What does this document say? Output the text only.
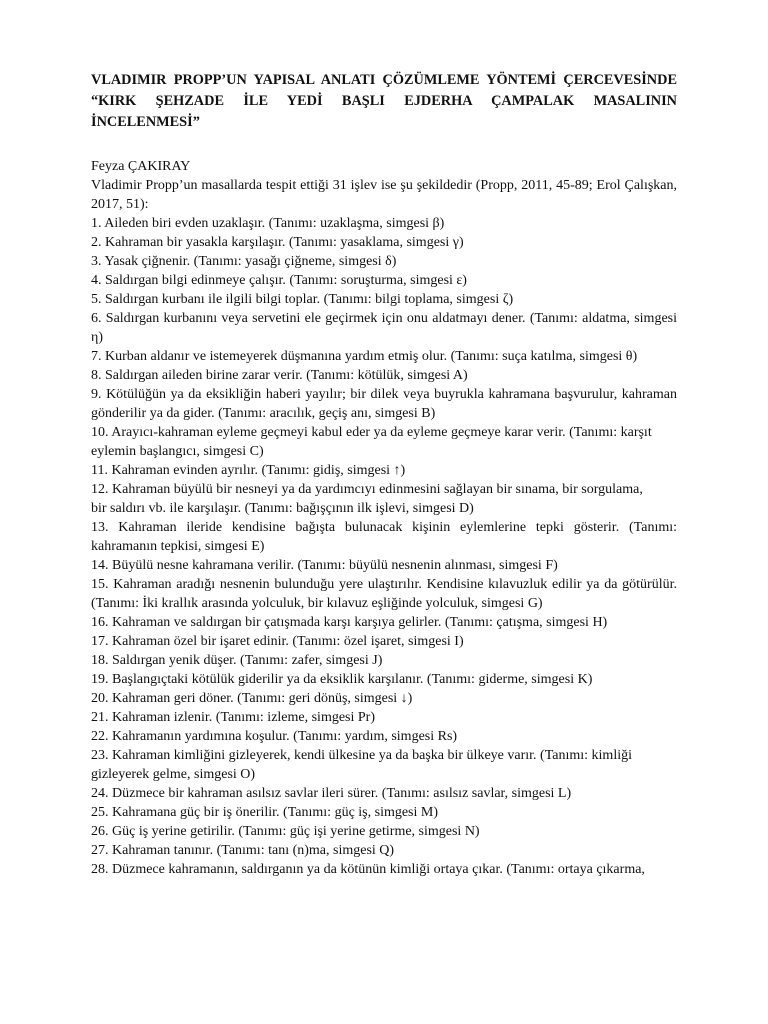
VLADIMIR PROPP’UN YAPISAL ANLATI ÇÖZÜMLEME YÖNTEMİ ÇERCEVESİNDE “KIRK ŞEHZADE İLE YEDİ BAŞLI EJDERHA ÇAMPALAK MASALININ İNCELENMESİ”

Feyza ÇAKIRAY

Vladimir Propp’un masallarda tespit ettiği 31 işlev ise şu şekildedir (Propp, 2011, 45-89; Erol Çalışkan, 2017, 51):

1. Aileden biri evden uzaklaşır. (Tanımı: uzaklaşma, simgesi β)

2. Kahraman bir yasakla karşılaşır. (Tanımı: yasaklama, simgesi γ)

3. Yasak çiğnenir. (Tanımı: yasağı çiğneme, simgesi δ)

4. Saldırgan bilgi edinmeye çalışır. (Tanımı: soruşturma, simgesi ε)

5. Saldırgan kurbanı ile ilgili bilgi toplar. (Tanımı: bilgi toplama, simgesi ζ)

6. Saldırgan kurbanını veya servetini ele geçirmek için onu aldatmayı dener. (Tanımı: aldatma, simgesi η)

7. Kurban aldanır ve istemeyerek düşmanına yardım etmiş olur. (Tanımı: suça katılma, simgesi θ)

8. Saldırgan aileden birine zarar verir. (Tanımı: kötülük, simgesi A)

9. Kötülüğün ya da eksikliğin haberi yayılır; bir dilek veya buyrukla kahramana başvurulur, kahraman gönderilir ya da gider. (Tanımı: aracılık, geçiş anı, simgesi B)

10. Arayıcı-kahraman eyleme geçmeyi kabul eder ya da eyleme geçmeye karar verir. (Tanımı: karşıt
eylemin başlangıcı, simgesi C)

11. Kahraman evinden ayrılır. (Tanımı: gidiş, simgesi ↑)

12. Kahraman büyülü bir nesneyi ya da yardımcıyı edinmesini sağlayan bir sınama, bir sorgulama,
bir saldırı vb. ile karşılaşır. (Tanımı: bağışçının ilk işlevi, simgesi D)

13. Kahraman ileride kendisine bağışta bulunacak kişinin eylemlerine tepki gösterir. (Tanımı: kahramanın tepkisi, simgesi E)

14. Büyülü nesne kahramana verilir. (Tanımı: büyülü nesnenin alınması, simgesi F)

15. Kahraman aradığı nesnenin bulunduğu yere ulaştırılır. Kendisine kılavuzluk edilir ya da götürülür. (Tanımı: İki krallık arasında yolculuk, bir kılavuz eşliğinde yolculuk, simgesi G)

16. Kahraman ve saldırgan bir çatışmada karşı karşıya gelirler. (Tanımı: çatışma, simgesi H)

17. Kahraman özel bir işaret edinir. (Tanımı: özel işaret, simgesi I)

18. Saldırgan yenik düşer. (Tanımı: zafer, simgesi J)

19. Başlangıçtaki kötülük giderilir ya da eksiklik karşılanır. (Tanımı: giderme, simgesi K)

20. Kahraman geri döner. (Tanımı: geri dönüş, simgesi ↓)

21. Kahraman izlenir. (Tanımı: izleme, simgesi Pr)

22. Kahramanın yardımına koşulur. (Tanımı: yardım, simgesi Rs)

23. Kahraman kimliğini gizleyerek, kendi ülkesine ya da başka bir ülkeye varır. (Tanımı: kimliği
gizleyerek gelme, simgesi O)

24. Düzmece bir kahraman asılsız savlar ileri sürer. (Tanımı: asılsız savlar, simgesi L)

25. Kahramana güç bir iş önerilir. (Tanımı: güç iş, simgesi M)

26. Güç iş yerine getirilir. (Tanımı: güç işi yerine getirme, simgesi N)

27. Kahraman tanınır. (Tanımı: tanı (n)ma, simgesi Q)

28. Düzmece kahramanın, saldırganın ya da kötünün kimliği ortaya çıkar. (Tanımı: ortaya çıkarma,
